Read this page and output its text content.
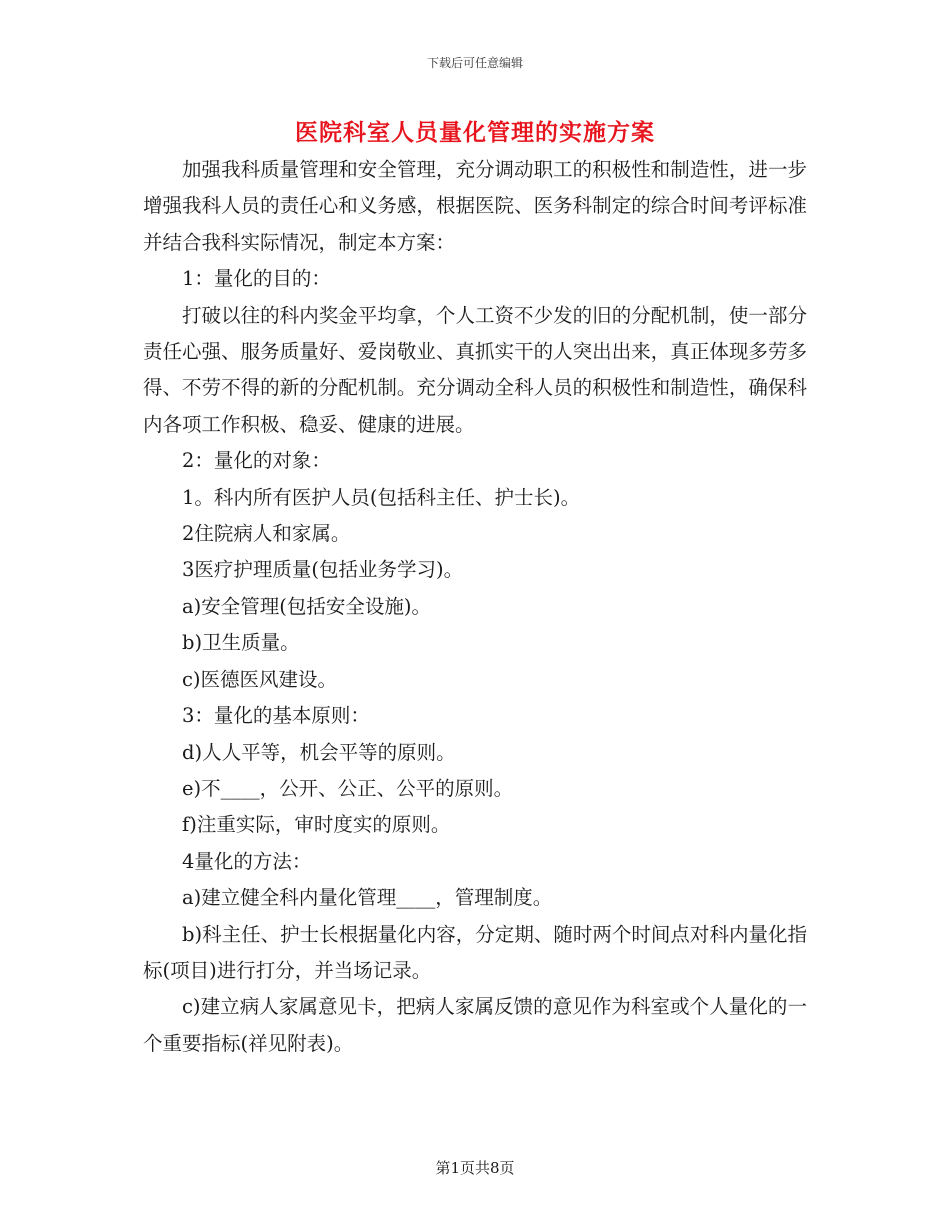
下载后可任意编辑
医院科室人员量化管理的实施方案

加强我科质量管理和安全管理，充分调动职工的积极性和制造性，进一步增强我科人员的责任心和义务感，根据医院、医务科制定的综合时间考评标准并结合我科实际情况，制定本方案：

1：量化的目的：

打破以往的科内奖金平均拿，个人工资不少发的旧的分配机制，使一部分责任心强、服务质量好、爱岗敬业、真抓实干的人突出出来，真正体现多劳多得、不劳不得的新的分配机制。充分调动全科人员的积极性和制造性，确保科内各项工作积极、稳妥、健康的进展。

2：量化的对象：

1。科内所有医护人员(包括科主任、护士长)。

2住院病人和家属。

3医疗护理质量(包括业务学习)。

a)安全管理(包括安全设施)。

b)卫生质量。

c)医德医风建设。

3：量化的基本原则：

d)人人平等，机会平等的原则。

e)不____，公开、公正、公平的原则。

f)注重实际，审时度实的原则。

4量化的方法：

a)建立健全科内量化管理____，管理制度。

b)科主任、护士长根据量化内容，分定期、随时两个时间点对科内量化指标(项目)进行打分，并当场记录。

c)建立病人家属意见卡，把病人家属反馈的意见作为科室或个人量化的一个重要指标(祥见附表)。

第1页共8页
